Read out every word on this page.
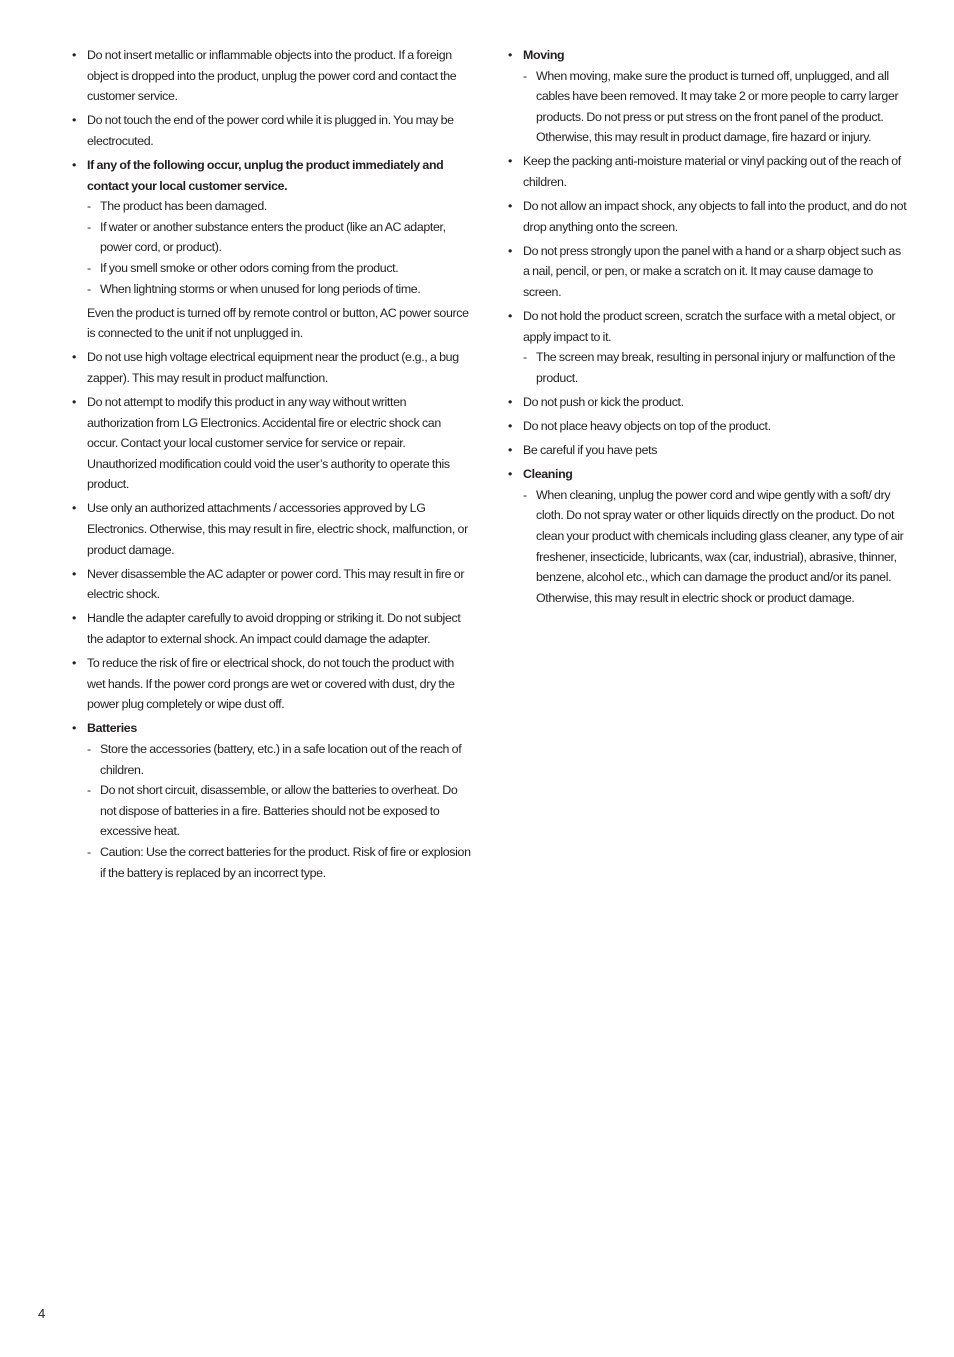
• Do not insert metallic or inflammable objects into the product. If a foreign object is dropped into the product, unplug the power cord and contact the customer service.
• Do not touch the end of the power cord while it is plugged in. You may be electrocuted.
• If any of the following occur, unplug the product immediately and contact your local customer service.
- The product has been damaged.
- If water or another substance enters the product (like an AC adapter, power cord, or product).
- If you smell smoke or other odors coming from the product.
- When lightning storms or when unused for long periods of time.
Even the product is turned off by remote control or button, AC power source is connected to the unit if not unplugged in.
• Do not use high voltage electrical equipment near the product (e.g., a bug zapper). This may result in product malfunction.
• Do not attempt to modify this product in any way without written authorization from LG Electronics. Accidental fire or electric shock can occur. Contact your local customer service for service or repair. Unauthorized modification could void the user’s authority to operate this product.
• Use only an authorized attachments / accessories approved by LG Electronics. Otherwise, this may result in fire, electric shock, malfunction, or product damage.
• Never disassemble the AC adapter or power cord. This may result in fire or electric shock.
• Handle the adapter carefully to avoid dropping or striking it. Do not subject the adaptor to external shock. An impact could damage the adapter.
• To reduce the risk of fire or electrical shock, do not touch the product with wet hands. If the power cord prongs are wet or covered with dust, dry the power plug completely or wipe dust off.
• Batteries
- Store the accessories (battery, etc.) in a safe location out of the reach of children.
- Do not short circuit, disassemble, or allow the batteries to overheat. Do not dispose of batteries in a fire. Batteries should not be exposed to excessive heat.
- Caution: Use the correct batteries for the product. Risk of fire or explosion if the battery is replaced by an incorrect type.
• Moving
- When moving, make sure the product is turned off, unplugged, and all cables have been removed. It may take 2 or more people to carry larger products. Do not press or put stress on the front panel of the product. Otherwise, this may result in product damage, fire hazard or injury.
• Keep the packing anti-moisture material or vinyl packing out of the reach of children.
• Do not allow an impact shock, any objects to fall into the product, and do not drop anything onto the screen.
• Do not press strongly upon the panel with a hand or a sharp object such as a nail, pencil, or pen, or make a scratch on it. It may cause damage to screen.
• Do not hold the product screen, scratch the surface with a metal object, or apply impact to it.
- The screen may break, resulting in personal injury or malfunction of the product.
• Do not push or kick the product.
• Do not place heavy objects on top of the product.
• Be careful if you have pets
• Cleaning
- When cleaning, unplug the power cord and wipe gently with a soft/ dry cloth. Do not spray water or other liquids directly on the product. Do not clean your product with chemicals including glass cleaner, any type of air freshener, insecticide, lubricants, wax (car, industrial), abrasive, thinner, benzene, alcohol etc., which can damage the product and/or its panel. Otherwise, this may result in electric shock or product damage.
4
